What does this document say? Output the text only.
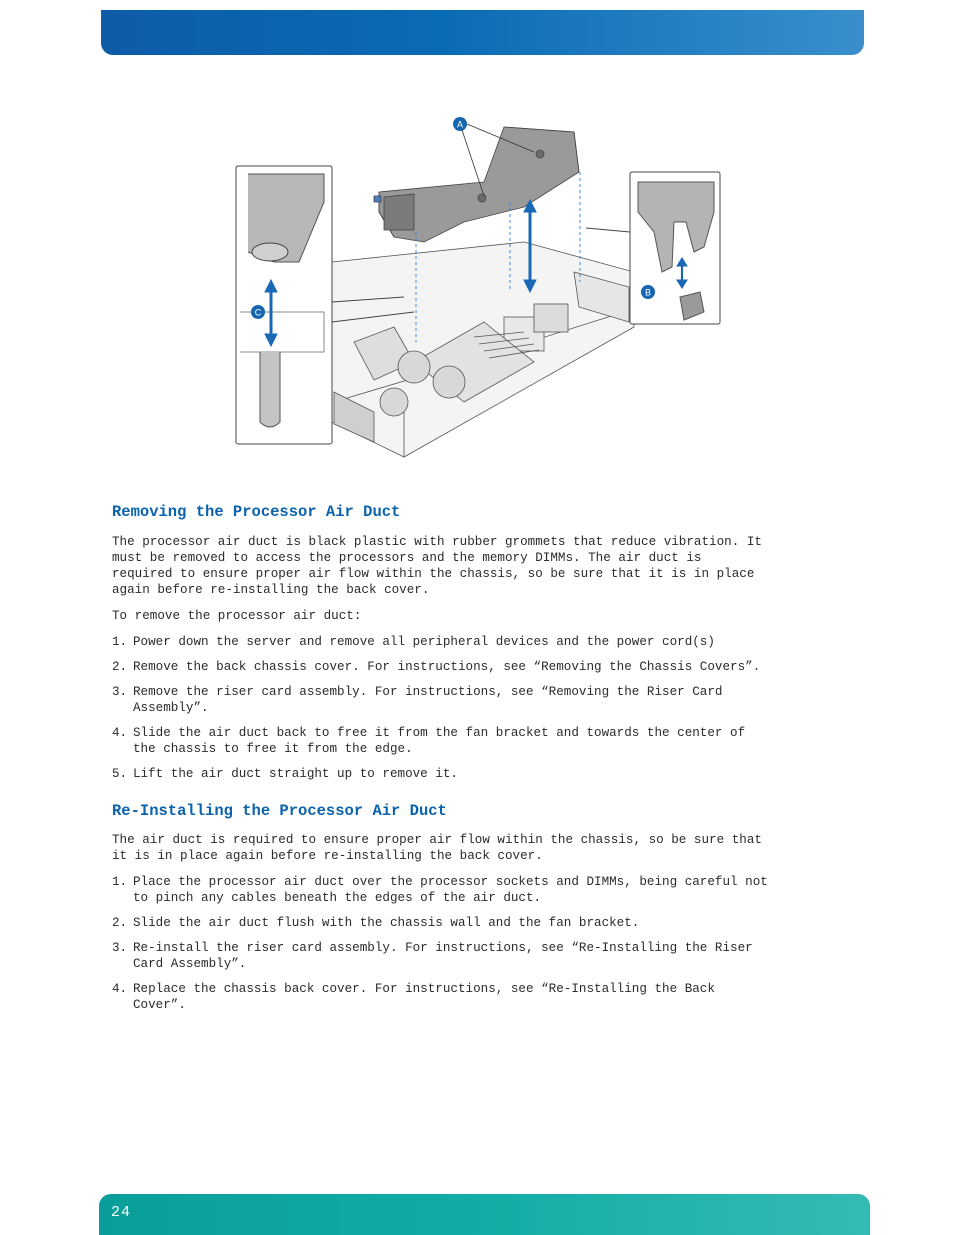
A
B
C
Removing the Processor Air Duct

The processor air duct is black plastic with rubber grommets that reduce vibration. It
must be removed to access the processors and the memory DIMMs. The air duct is
required to ensure proper air flow within the chassis, so be sure that it is in place
again before re-installing the back cover.

To remove the processor air duct:

1. Power down the server and remove all peripheral devices and the power cord(s)
2. Remove the back chassis cover. For instructions, see “Removing the Chassis Covers”.
3. Remove the riser card assembly. For instructions, see “Removing the Riser Card
Assembly”.
4. Slide the air duct back to free it from the fan bracket and towards the center of
the chassis to free it from the edge.
5. Lift the air duct straight up to remove it.
Re-Installing the Processor Air Duct

The air duct is required to ensure proper air flow within the chassis, so be sure that
it is in place again before re-installing the back cover.

1. Place the processor air duct over the processor sockets and DIMMs, being careful not
to pinch any cables beneath the edges of the air duct.
2. Slide the air duct flush with the chassis wall and the fan bracket.
3. Re-install the riser card assembly. For instructions, see “Re-Installing the Riser
Card Assembly”.
4. Replace the chassis back cover. For instructions, see “Re-Installing the Back
Cover”.
24
